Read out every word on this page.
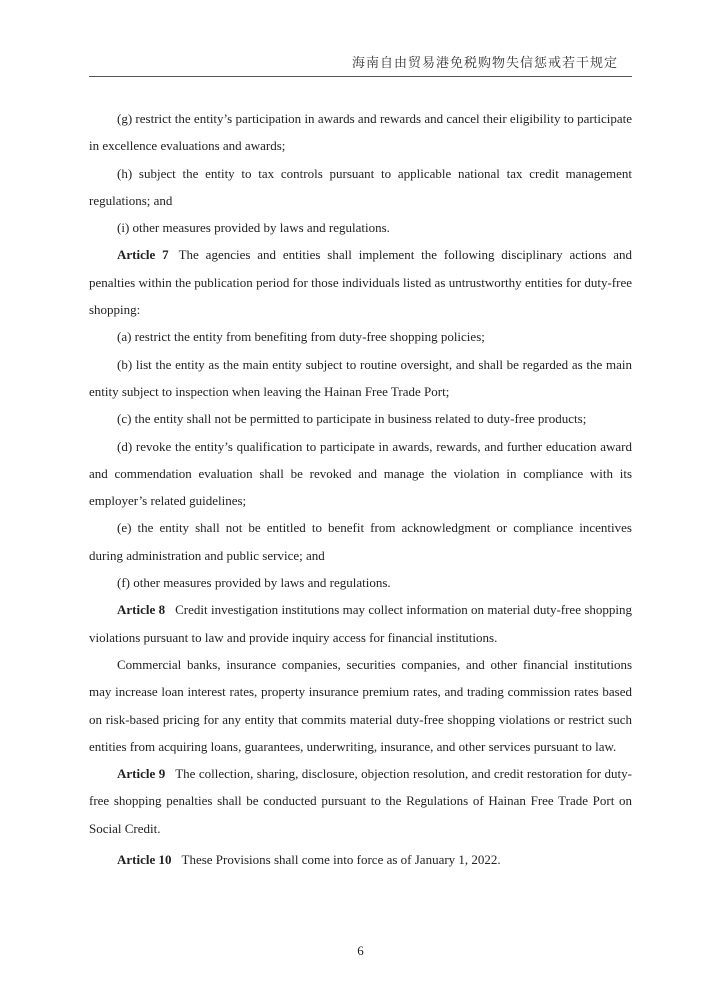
海南自由贸易港免税购物失信惩戒若干规定

(g) restrict the entity’s participation in awards and rewards and cancel their eligibility to participate in excellence evaluations and awards;

(h) subject the entity to tax controls pursuant to applicable national tax credit management regulations; and

(i) other measures provided by laws and regulations.

Article 7 The agencies and entities shall implement the following disciplinary actions and penalties within the publication period for those individuals listed as untrustworthy entities for duty-free shopping:

(a) restrict the entity from benefiting from duty-free shopping policies;

(b) list the entity as the main entity subject to routine oversight, and shall be regarded as the main entity subject to inspection when leaving the Hainan Free Trade Port;

(c) the entity shall not be permitted to participate in business related to duty-free products;

(d) revoke the entity’s qualification to participate in awards, rewards, and further education award and commendation evaluation shall be revoked and manage the violation in compliance with its employer’s related guidelines;

(e) the entity shall not be entitled to benefit from acknowledgment or compliance incentives during administration and public service; and

(f) other measures provided by laws and regulations.

Article 8 Credit investigation institutions may collect information on material duty-free shopping violations pursuant to law and provide inquiry access for financial institutions.

Commercial banks, insurance companies, securities companies, and other financial institutions may increase loan interest rates, property insurance premium rates, and trading commission rates based on risk-based pricing for any entity that commits material duty-free shopping violations or restrict such entities from acquiring loans, guarantees, underwriting, insurance, and other services pursuant to law.

Article 9 The collection, sharing, disclosure, objection resolution, and credit restoration for duty-free shopping penalties shall be conducted pursuant to the Regulations of Hainan Free Trade Port on Social Credit.

Article 10 These Provisions shall come into force as of January 1, 2022.

6
